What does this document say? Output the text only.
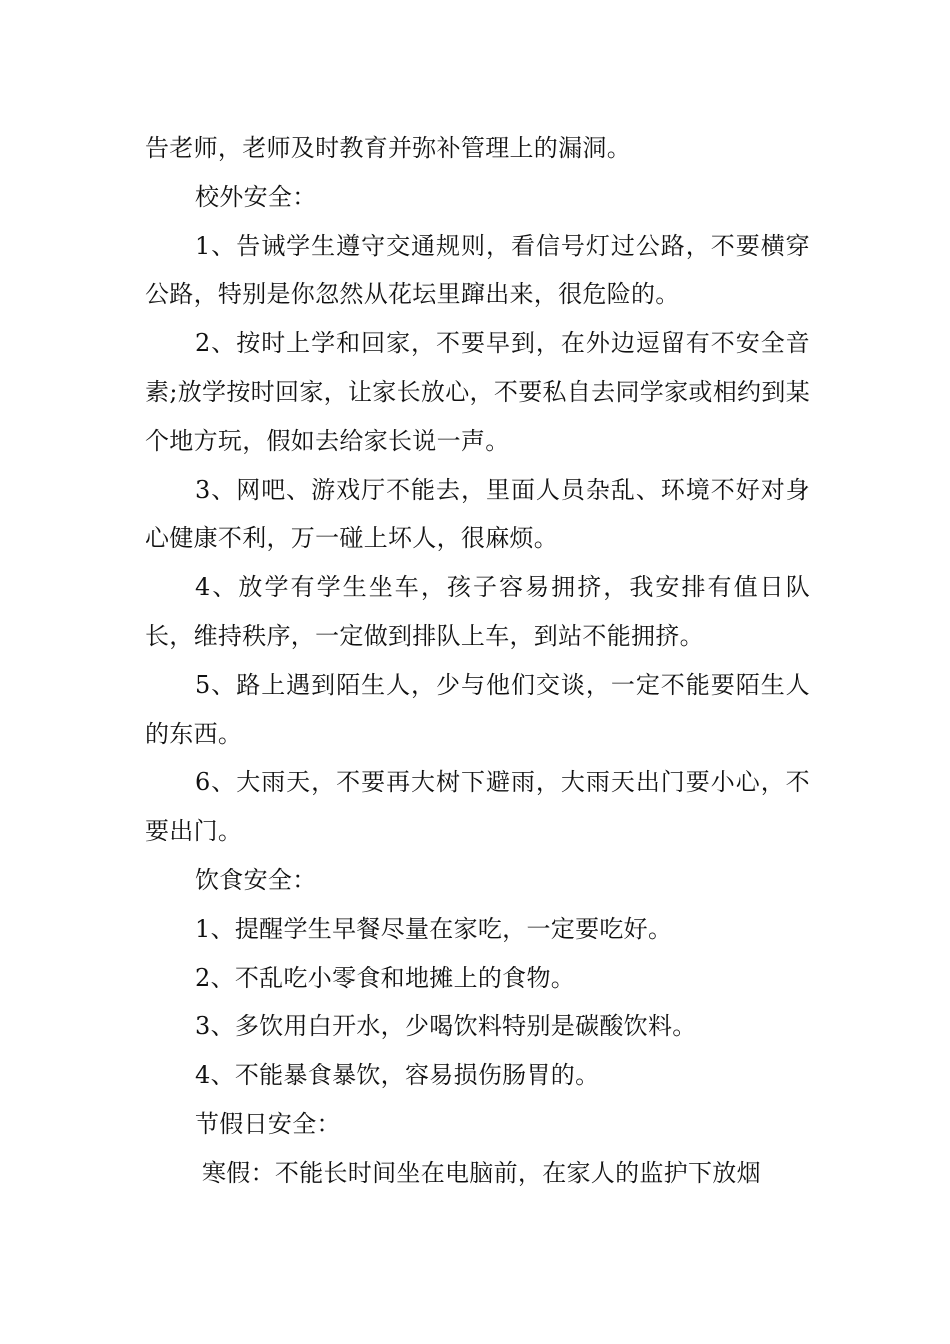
告老师，老师及时教育并弥补管理上的漏洞。

校外安全：

1、告诫学生遵守交通规则，看信号灯过公路，不要横穿公路，特别是你忽然从花坛里蹿出来，很危险的。

2、按时上学和回家，不要早到，在外边逗留有不安全音素;放学按时回家，让家长放心，不要私自去同学家或相约到某个地方玩，假如去给家长说一声。

3、网吧、游戏厅不能去，里面人员杂乱、环境不好对身心健康不利，万一碰上坏人，很麻烦。

4、放学有学生坐车，孩子容易拥挤，我安排有值日队长，维持秩序，一定做到排队上车，到站不能拥挤。

5、路上遇到陌生人，少与他们交谈，一定不能要陌生人的东西。

6、大雨天，不要再大树下避雨，大雨天出门要小心，不要出门。

饮食安全：

1、提醒学生早餐尽量在家吃，一定要吃好。

2、不乱吃小零食和地摊上的食物。

3、多饮用白开水，少喝饮料特别是碳酸饮料。

4、不能暴食暴饮，容易损伤肠胃的。

节假日安全：

寒假：不能长时间坐在电脑前，在家人的监护下放烟
